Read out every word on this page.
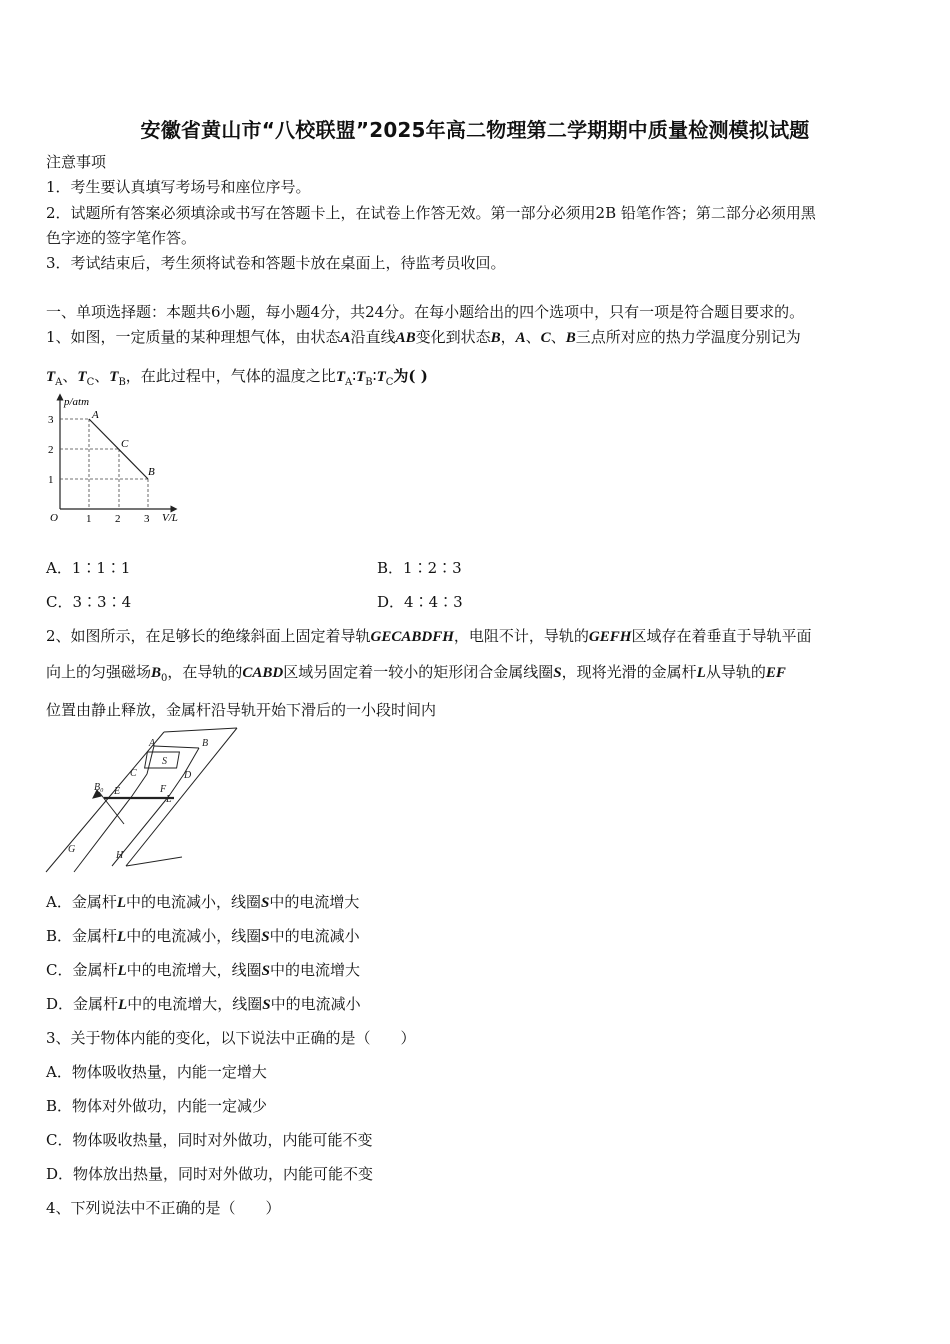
安徽省黄山市“八校联盟”2025年高二物理第二学期期中质量检测模拟试题
注意事项
1．考生要认真填写考场号和座位序号。
2．试题所有答案必须填涂或书写在答题卡上，在试卷上作答无效。第一部分必须用2B 铅笔作答；第二部分必须用黑
色字迹的签字笔作答。
3．考试结束后，考生须将试卷和答题卡放在桌面上，待监考员收回。
一、单项选择题：本题共6小题，每小题4分，共24分。在每小题给出的四个选项中，只有一项是符合题目要求的。
1、如图，一定质量的某种理想气体，由状态A沿直线AB变化到状态B，A、C、B三点所对应的热力学温度分别记为
$T_A$、$T_C$、$T_B$，在此过程中，气体的温度之比$T_A∶T_B∶T_C$为( )
p/atm
V/L
O	1 2 3
1
2
3	A
C
B
A．1∶1∶1	B．1∶2∶3
C．3∶3∶4	D．4∶4∶3
2、如图所示，在足够长的绝缘斜面上固定着导轨GECABDFH，电阻不计，导轨的GEFH区域存在着垂直于导轨平面
向上的匀强磁场$B_0$，在导轨的CABD区域另固定着一较小的矩形闭合金属线圈S，现将光滑的金属杆L从导轨的EF
位置由静止释放，金属杆沿导轨开始下滑后的一小段时间内
A	B
S
C	D
B₀ E	F
L
G
H
A．金属杆L中的电流减小，线圈S中的电流增大
B．金属杆L中的电流减小，线圈S中的电流减小
C．金属杆L中的电流增大，线圈S中的电流增大
D．金属杆L中的电流增大，线圈S中的电流减小
3、关于物体内能的变化，以下说法中正确的是（　　）
A．物体吸收热量，内能一定增大
B．物体对外做功，内能一定减少
C．物体吸收热量，同时对外做功，内能可能不变
D．物体放出热量，同时对外做功，内能可能不变
4、下列说法中不正确的是（　　）
